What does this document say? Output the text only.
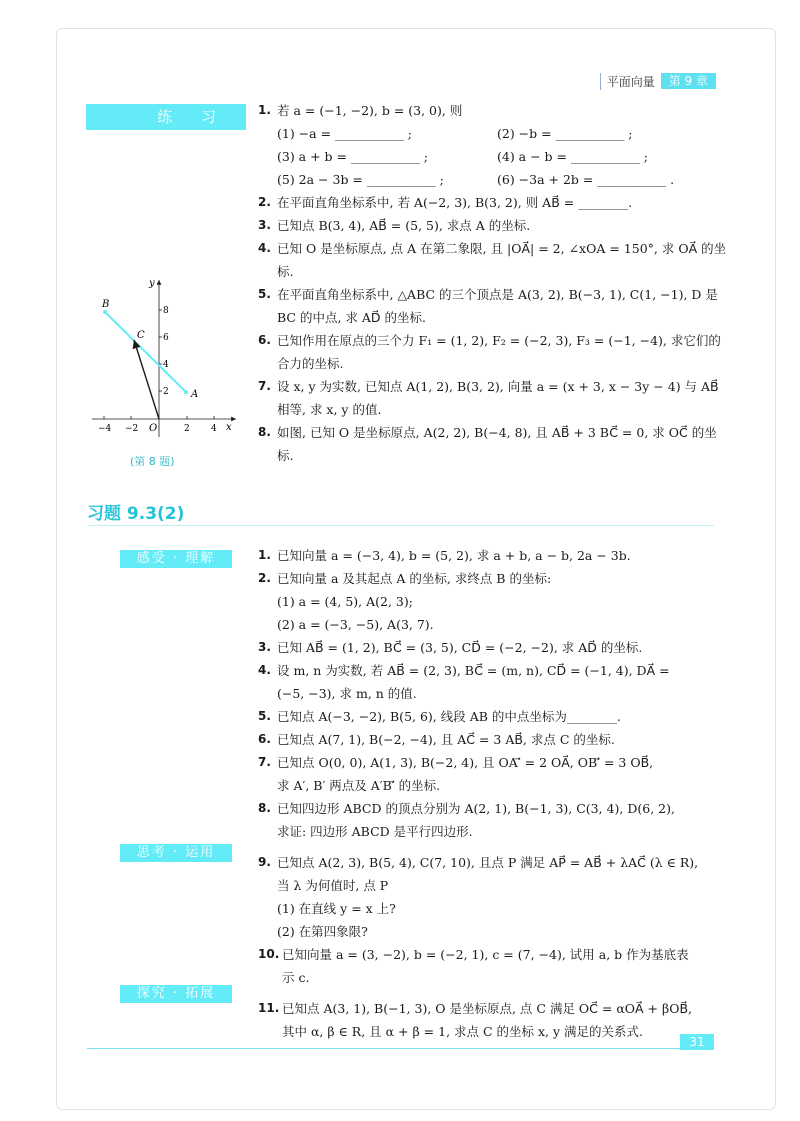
平面向量	第 9 章
练 习	1. 若 a = (−1, −2), b = (3, 0), 则
(1) −a = ___________ ;	(2) −b = ___________ ;
(3) a + b = ___________ ;	(4) a − b = ___________ ;
(5) 2a − 3b = ___________ ;	(6) −3a + 2b = ___________ .
2. 在平面直角坐标系中, 若 A(−2, 3), B(3, 2), 则 AB⃗ = ________.
3. 已知点 B(3, 4), AB⃗ = (5, 5), 求点 A 的坐标.
4. 已知 O 是坐标原点, 点 A 在第二象限, 且 |OA⃗| = 2, ∠xOA = 150°, 求 OA⃗ 的坐标.
5. 在平面直角坐标系中, △ABC 的三个顶点是 A(3, 2), B(−3, 1), C(1, −1), D 是 BC 的中点, 求 AD⃗ 的坐标.
6. 已知作用在原点的三个力 F₁ = (1, 2), F₂ = (−2, 3), F₃ = (−1, −4), 求它们的合力的坐标.
7. 设 x, y 为实数, 已知点 A(1, 2), B(3, 2), 向量 a = (x + 3, x − 3y − 4) 与 AB⃗ 相等, 求 x, y 的值.
8. 如图, 已知 O 是坐标原点, A(2, 2), B(−4, 8), 且 AB⃗ + 3 BC⃗ = 0, 求 OC⃗ 的坐标.
−4 −2	2 4
2
4
6
8
x
y
O
B
C
A
(第 8 题)
习题 9.3(2)
感受 · 理解
思考 · 运用
探究 · 拓展
1. 已知向量 a = (−3, 4), b = (5, 2), 求 a + b, a − b, 2a − 3b.
2. 已知向量 a 及其起点 A 的坐标, 求终点 B 的坐标:
(1) a = (4, 5), A(2, 3);
(2) a = (−3, −5), A(3, 7).
3. 已知 AB⃗ = (1, 2), BC⃗ = (3, 5), CD⃗ = (−2, −2), 求 AD⃗ 的坐标.
4. 设 m, n 为实数, 若 AB⃗ = (2, 3), BC⃗ = (m, n), CD⃗ = (−1, 4), DA⃗ =
(−5, −3), 求 m, n 的值.
5. 已知点 A(−3, −2), B(5, 6), 线段 AB 的中点坐标为________.
6. 已知点 A(7, 1), B(−2, −4), 且 AC⃗ = 3 AB⃗, 求点 C 的坐标.
7. 已知点 O(0, 0), A(1, 3), B(−2, 4), 且 OA′⃗ = 2 OA⃗, OB′⃗ = 3 OB⃗,
求 A′, B′ 两点及 A′B′⃗ 的坐标.
8. 已知四边形 ABCD 的顶点分别为 A(2, 1), B(−1, 3), C(3, 4), D(6, 2),
求证: 四边形 ABCD 是平行四边形.
9. 已知点 A(2, 3), B(5, 4), C(7, 10), 且点 P 满足 AP⃗ = AB⃗ + λAC⃗ (λ ∈ R),
当 λ 为何值时, 点 P
(1) 在直线 y = x 上?
(2) 在第四象限?
10. 已知向量 a = (3, −2), b = (−2, 1), c = (7, −4), 试用 a, b 作为基底表
示 c.
11. 已知点 A(3, 1), B(−1, 3), O 是坐标原点, 点 C 满足 OC⃗ = αOA⃗ + βOB⃗,
其中 α, β ∈ R, 且 α + β = 1, 求点 C 的坐标 x, y 满足的关系式.
31
